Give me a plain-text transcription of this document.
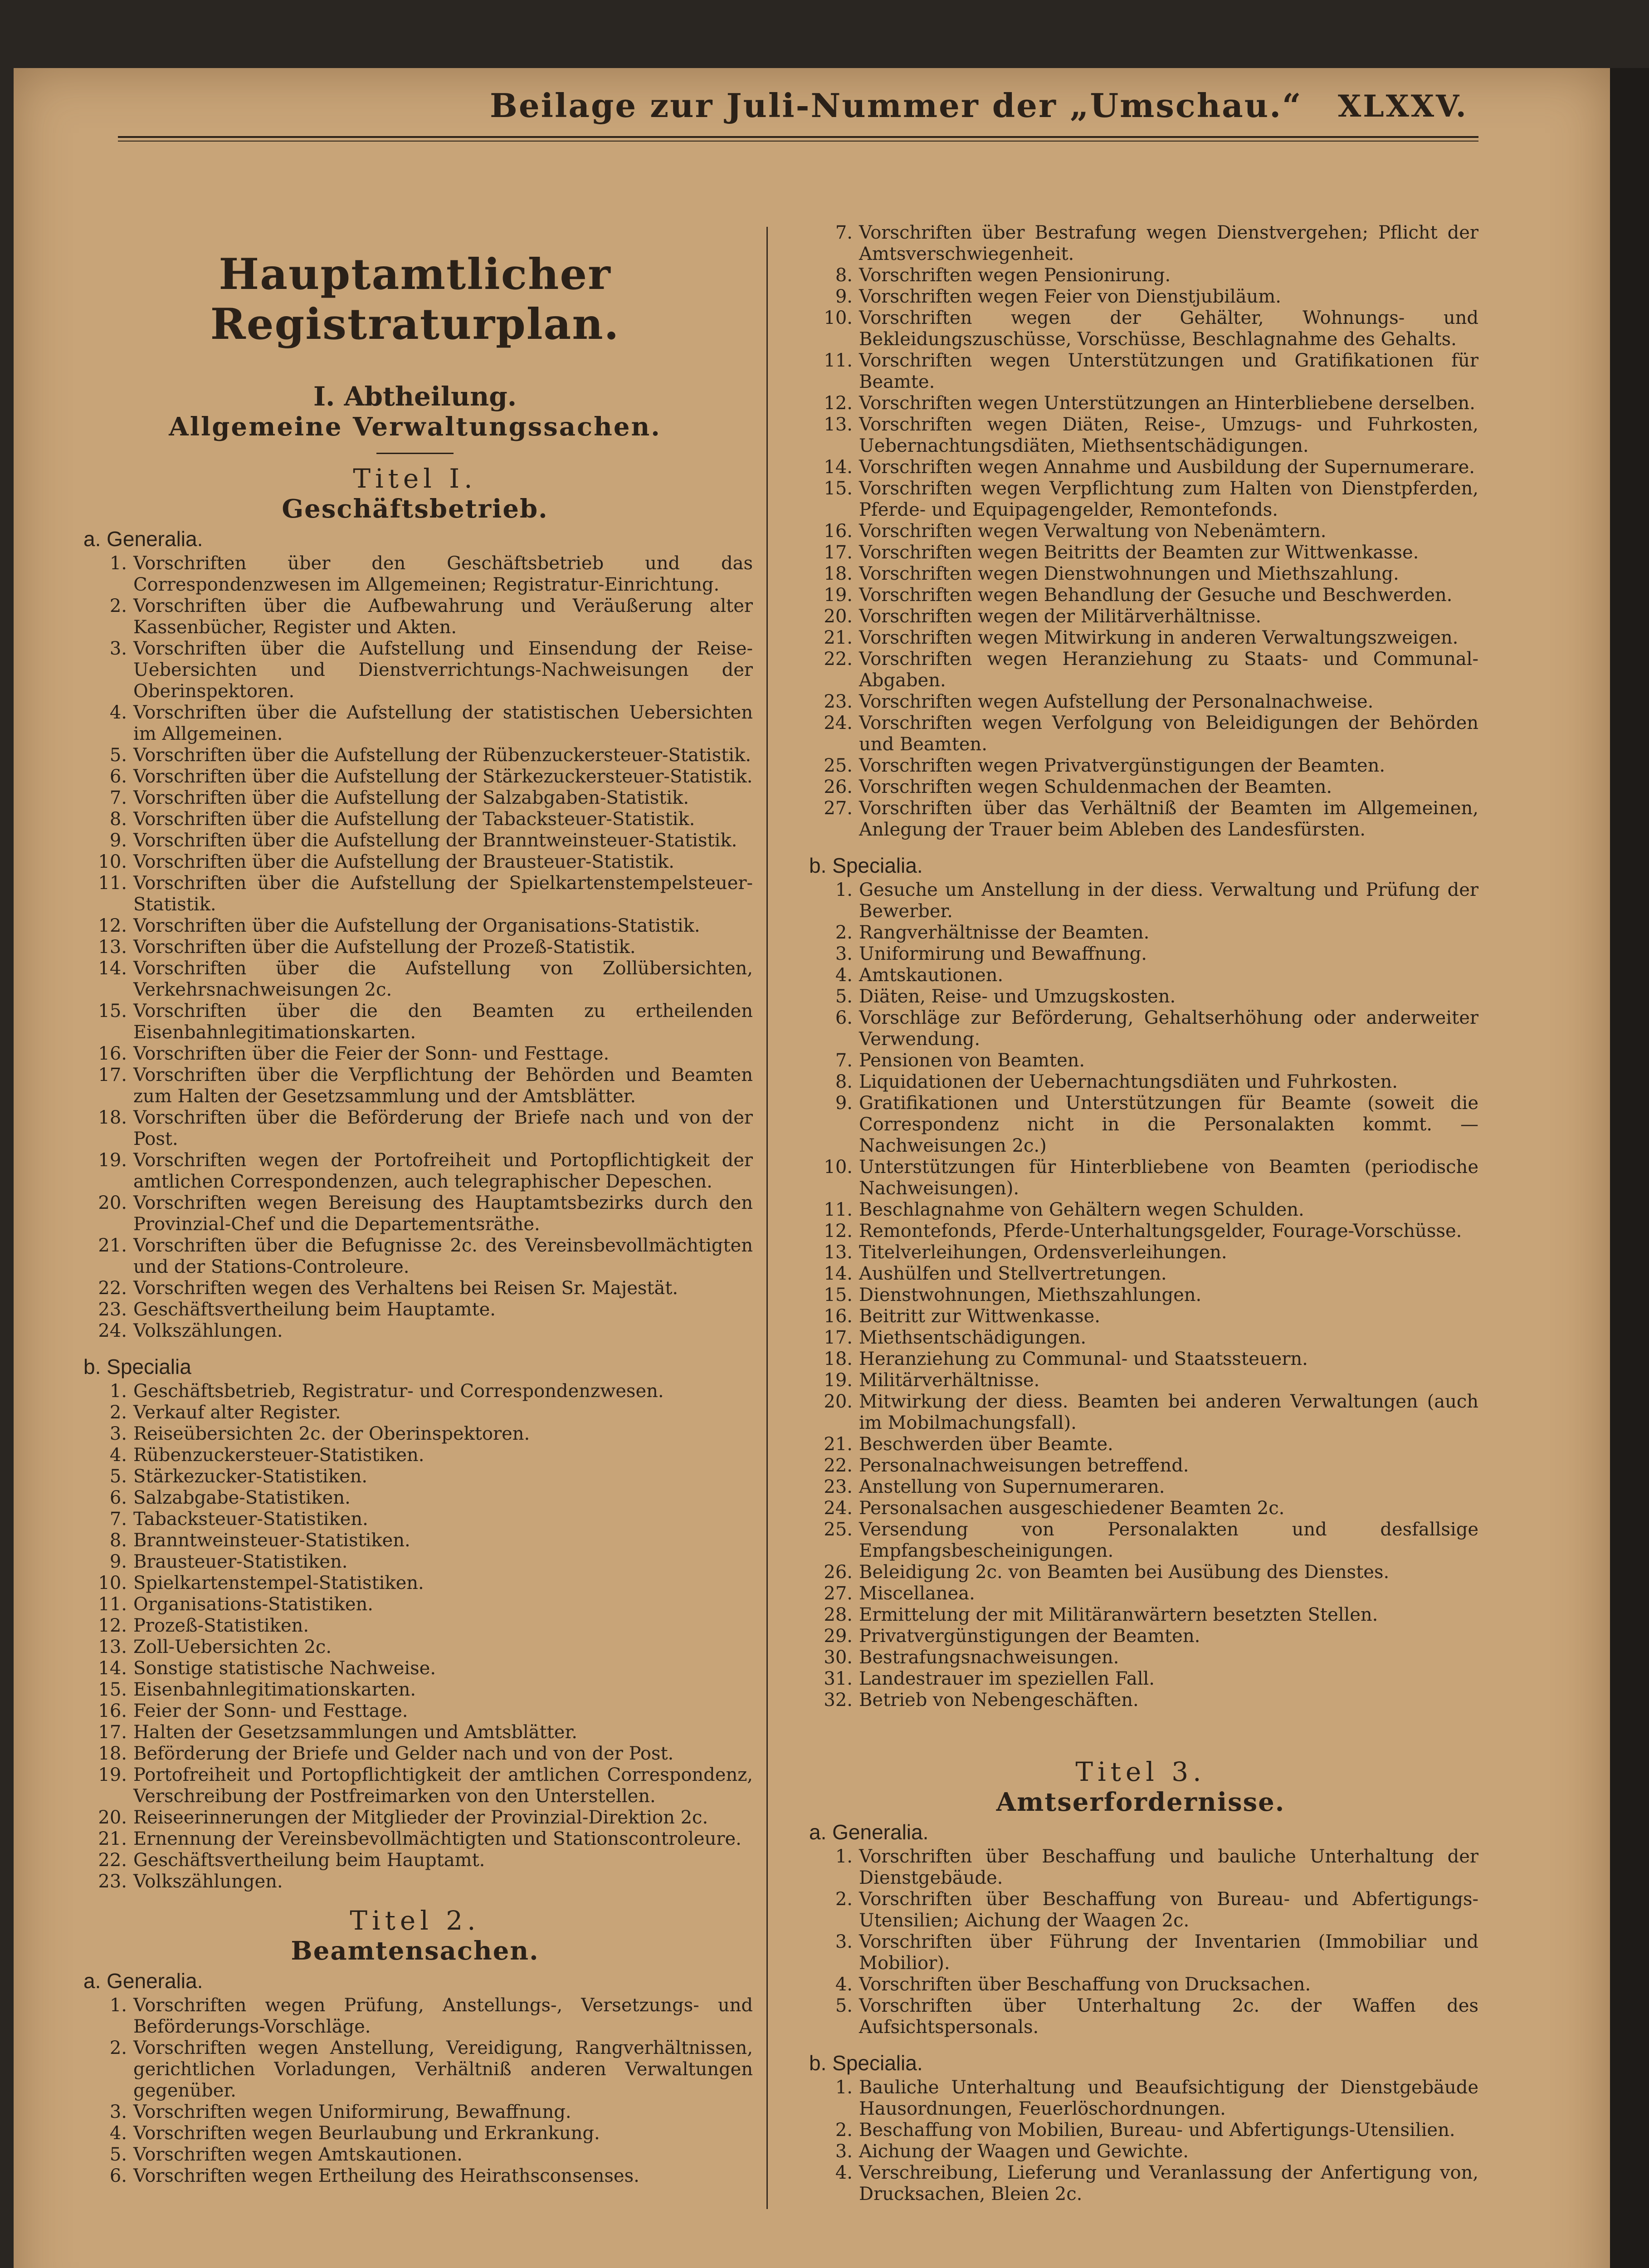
Beilage zur Juli-Nummer der „Umschau.“ XLXXV.
Hauptamtlicher Registraturplan.
I. Abtheilung.
Allgemeine Verwaltungssachen.
Titel I.
Geschäftsbetrieb.
a. Generalia.
1. Vorschriften über den Geschäftsbetrieb und das Correspondenzwesen im Allgemeinen; Registratur-Einrichtung.
2. Vorschriften über die Aufbewahrung und Veräußerung alter Kassenbücher, Register und Akten.
3. Vorschriften über die Aufstellung und Einsendung der Reise-Uebersichten und Dienstverrichtungs-Nachweisungen der Oberinspektoren.
4. Vorschriften über die Aufstellung der statistischen Uebersichten im Allgemeinen.
5. Vorschriften über die Aufstellung der Rübenzuckersteuer-Statistik.
6. Vorschriften über die Aufstellung der Stärkezuckersteuer-Statistik.
7. Vorschriften über die Aufstellung der Salzabgaben-Statistik.
8. Vorschriften über die Aufstellung der Tabacksteuer-Statistik.
9. Vorschriften über die Aufstellung der Branntweinsteuer-Statistik.
10. Vorschriften über die Aufstellung der Brausteuer-Statistik.
11. Vorschriften über die Aufstellung der Spielkartenstempelsteuer-Statistik.
12. Vorschriften über die Aufstellung der Organisations-Statistik.
13. Vorschriften über die Aufstellung der Prozeß-Statistik.
14. Vorschriften über die Aufstellung von Zollübersichten, Verkehrsnachweisungen 2c.
15. Vorschriften über die den Beamten zu ertheilenden Eisenbahnlegitimationskarten.
16. Vorschriften über die Feier der Sonn- und Festtage.
17. Vorschriften über die Verpflichtung der Behörden und Beamten zum Halten der Gesetzsammlung und der Amtsblätter.
18. Vorschriften über die Beförderung der Briefe nach und von der Post.
19. Vorschriften wegen der Portofreiheit und Portopflichtigkeit der amtlichen Correspondenzen, auch telegraphischer Depeschen.
20. Vorschriften wegen Bereisung des Hauptamtsbezirks durch den Provinzial-Chef und die Departementsräthe.
21. Vorschriften über die Befugnisse 2c. des Vereinsbevollmächtigten und der Stations-Controleure.
22. Vorschriften wegen des Verhaltens bei Reisen Sr. Majestät.
23. Geschäftsvertheilung beim Hauptamte.
24. Volkszählungen.
b. Specialia
1. Geschäftsbetrieb, Registratur- und Correspondenzwesen.
2. Verkauf alter Register.
3. Reiseübersichten 2c. der Oberinspektoren.
4. Rübenzuckersteuer-Statistiken.
5. Stärkezucker-Statistiken.
6. Salzabgabe-Statistiken.
7. Tabacksteuer-Statistiken.
8. Branntweinsteuer-Statistiken.
9. Brausteuer-Statistiken.
10. Spielkartenstempel-Statistiken.
11. Organisations-Statistiken.
12. Prozeß-Statistiken.
13. Zoll-Uebersichten 2c.
14. Sonstige statistische Nachweise.
15. Eisenbahnlegitimationskarten.
16. Feier der Sonn- und Festtage.
17. Halten der Gesetzsammlungen und Amtsblätter.
18. Beförderung der Briefe und Gelder nach und von der Post.
19. Portofreiheit und Portopflichtigkeit der amtlichen Correspondenz, Verschreibung der Postfreimarken von den Unterstellen.
20. Reiseerinnerungen der Mitglieder der Provinzial-Direktion 2c.
21. Ernennung der Vereinsbevollmächtigten und Stationscontroleure.
22. Geschäftsvertheilung beim Hauptamt.
23. Volkszählungen.
Titel 2.
Beamtensachen.
a. Generalia.
1. Vorschriften wegen Prüfung, Anstellungs-, Versetzungs- und Beförderungs-Vorschläge.
2. Vorschriften wegen Anstellung, Vereidigung, Rangverhältnissen, gerichtlichen Vorladungen, Verhältniß anderen Verwaltungen gegenüber.
3. Vorschriften wegen Uniformirung, Bewaffnung.
4. Vorschriften wegen Beurlaubung und Erkrankung.
5. Vorschriften wegen Amtskautionen.
6. Vorschriften wegen Ertheilung des Heirathsconsenses.
7. Vorschriften über Bestrafung wegen Dienstvergehen; Pflicht der Amtsverschwiegenheit.
8. Vorschriften wegen Pensionirung.
9. Vorschriften wegen Feier von Dienstjubiläum.
10. Vorschriften wegen der Gehälter, Wohnungs- und Bekleidungszuschüsse, Vorschüsse, Beschlagnahme des Gehalts.
11. Vorschriften wegen Unterstützungen und Gratifikationen für Beamte.
12. Vorschriften wegen Unterstützungen an Hinterbliebene derselben.
13. Vorschriften wegen Diäten, Reise-, Umzugs- und Fuhrkosten, Uebernachtungsdiäten, Miethsentschädigungen.
14. Vorschriften wegen Annahme und Ausbildung der Supernumerare.
15. Vorschriften wegen Verpflichtung zum Halten von Dienstpferden, Pferde- und Equipagengelder, Remontefonds.
16. Vorschriften wegen Verwaltung von Nebenämtern.
17. Vorschriften wegen Beitritts der Beamten zur Wittwenkasse.
18. Vorschriften wegen Dienstwohnungen und Miethszahlung.
19. Vorschriften wegen Behandlung der Gesuche und Beschwerden.
20. Vorschriften wegen der Militärverhältnisse.
21. Vorschriften wegen Mitwirkung in anderen Verwaltungszweigen.
22. Vorschriften wegen Heranziehung zu Staats- und Communal-Abgaben.
23. Vorschriften wegen Aufstellung der Personalnachweise.
24. Vorschriften wegen Verfolgung von Beleidigungen der Behörden und Beamten.
25. Vorschriften wegen Privatvergünstigungen der Beamten.
26. Vorschriften wegen Schuldenmachen der Beamten.
27. Vorschriften über das Verhältniß der Beamten im Allgemeinen, Anlegung der Trauer beim Ableben des Landesfürsten.
b. Specialia.
1. Gesuche um Anstellung in der diess. Verwaltung und Prüfung der Bewerber.
2. Rangverhältnisse der Beamten.
3. Uniformirung und Bewaffnung.
4. Amtskautionen.
5. Diäten, Reise- und Umzugskosten.
6. Vorschläge zur Beförderung, Gehaltserhöhung oder anderweiter Verwendung.
7. Pensionen von Beamten.
8. Liquidationen der Uebernachtungsdiäten und Fuhrkosten.
9. Gratifikationen und Unterstützungen für Beamte (soweit die Correspondenz nicht in die Personalakten kommt. — Nachweisungen 2c.)
10. Unterstützungen für Hinterbliebene von Beamten (periodische Nachweisungen).
11. Beschlagnahme von Gehältern wegen Schulden.
12. Remontefonds, Pferde-Unterhaltungsgelder, Fourage-Vorschüsse.
13. Titelverleihungen, Ordensverleihungen.
14. Aushülfen und Stellvertretungen.
15. Dienstwohnungen, Miethszahlungen.
16. Beitritt zur Wittwenkasse.
17. Miethsentschädigungen.
18. Heranziehung zu Communal- und Staatssteuern.
19. Militärverhältnisse.
20. Mitwirkung der diess. Beamten bei anderen Verwaltungen (auch im Mobilmachungsfall).
21. Beschwerden über Beamte.
22. Personalnachweisungen betreffend.
23. Anstellung von Supernumeraren.
24. Personalsachen ausgeschiedener Beamten 2c.
25. Versendung von Personalakten und desfallsige Empfangsbescheinigungen.
26. Beleidigung 2c. von Beamten bei Ausübung des Dienstes.
27. Miscellanea.
28. Ermittelung der mit Militäranwärtern besetzten Stellen.
29. Privatvergünstigungen der Beamten.
30. Bestrafungsnachweisungen.
31. Landestrauer im speziellen Fall.
32. Betrieb von Nebengeschäften.
Titel 3.
Amtserfordernisse.
a. Generalia.
1. Vorschriften über Beschaffung und bauliche Unterhaltung der Dienstgebäude.
2. Vorschriften über Beschaffung von Bureau- und Abfertigungs-Utensilien; Aichung der Waagen 2c.
3. Vorschriften über Führung der Inventarien (Immobiliar und Mobilior).
4. Vorschriften über Beschaffung von Drucksachen.
5. Vorschriften über Unterhaltung 2c. der Waffen des Aufsichtspersonals.
b. Specialia.
1. Bauliche Unterhaltung und Beaufsichtigung der Dienstgebäude Hausordnungen, Feuerlöschordnungen.
2. Beschaffung von Mobilien, Bureau- und Abfertigungs-Utensilien.
3. Aichung der Waagen und Gewichte.
4. Verschreibung, Lieferung und Veranlassung der Anfertigung von, Drucksachen, Bleien 2c.
